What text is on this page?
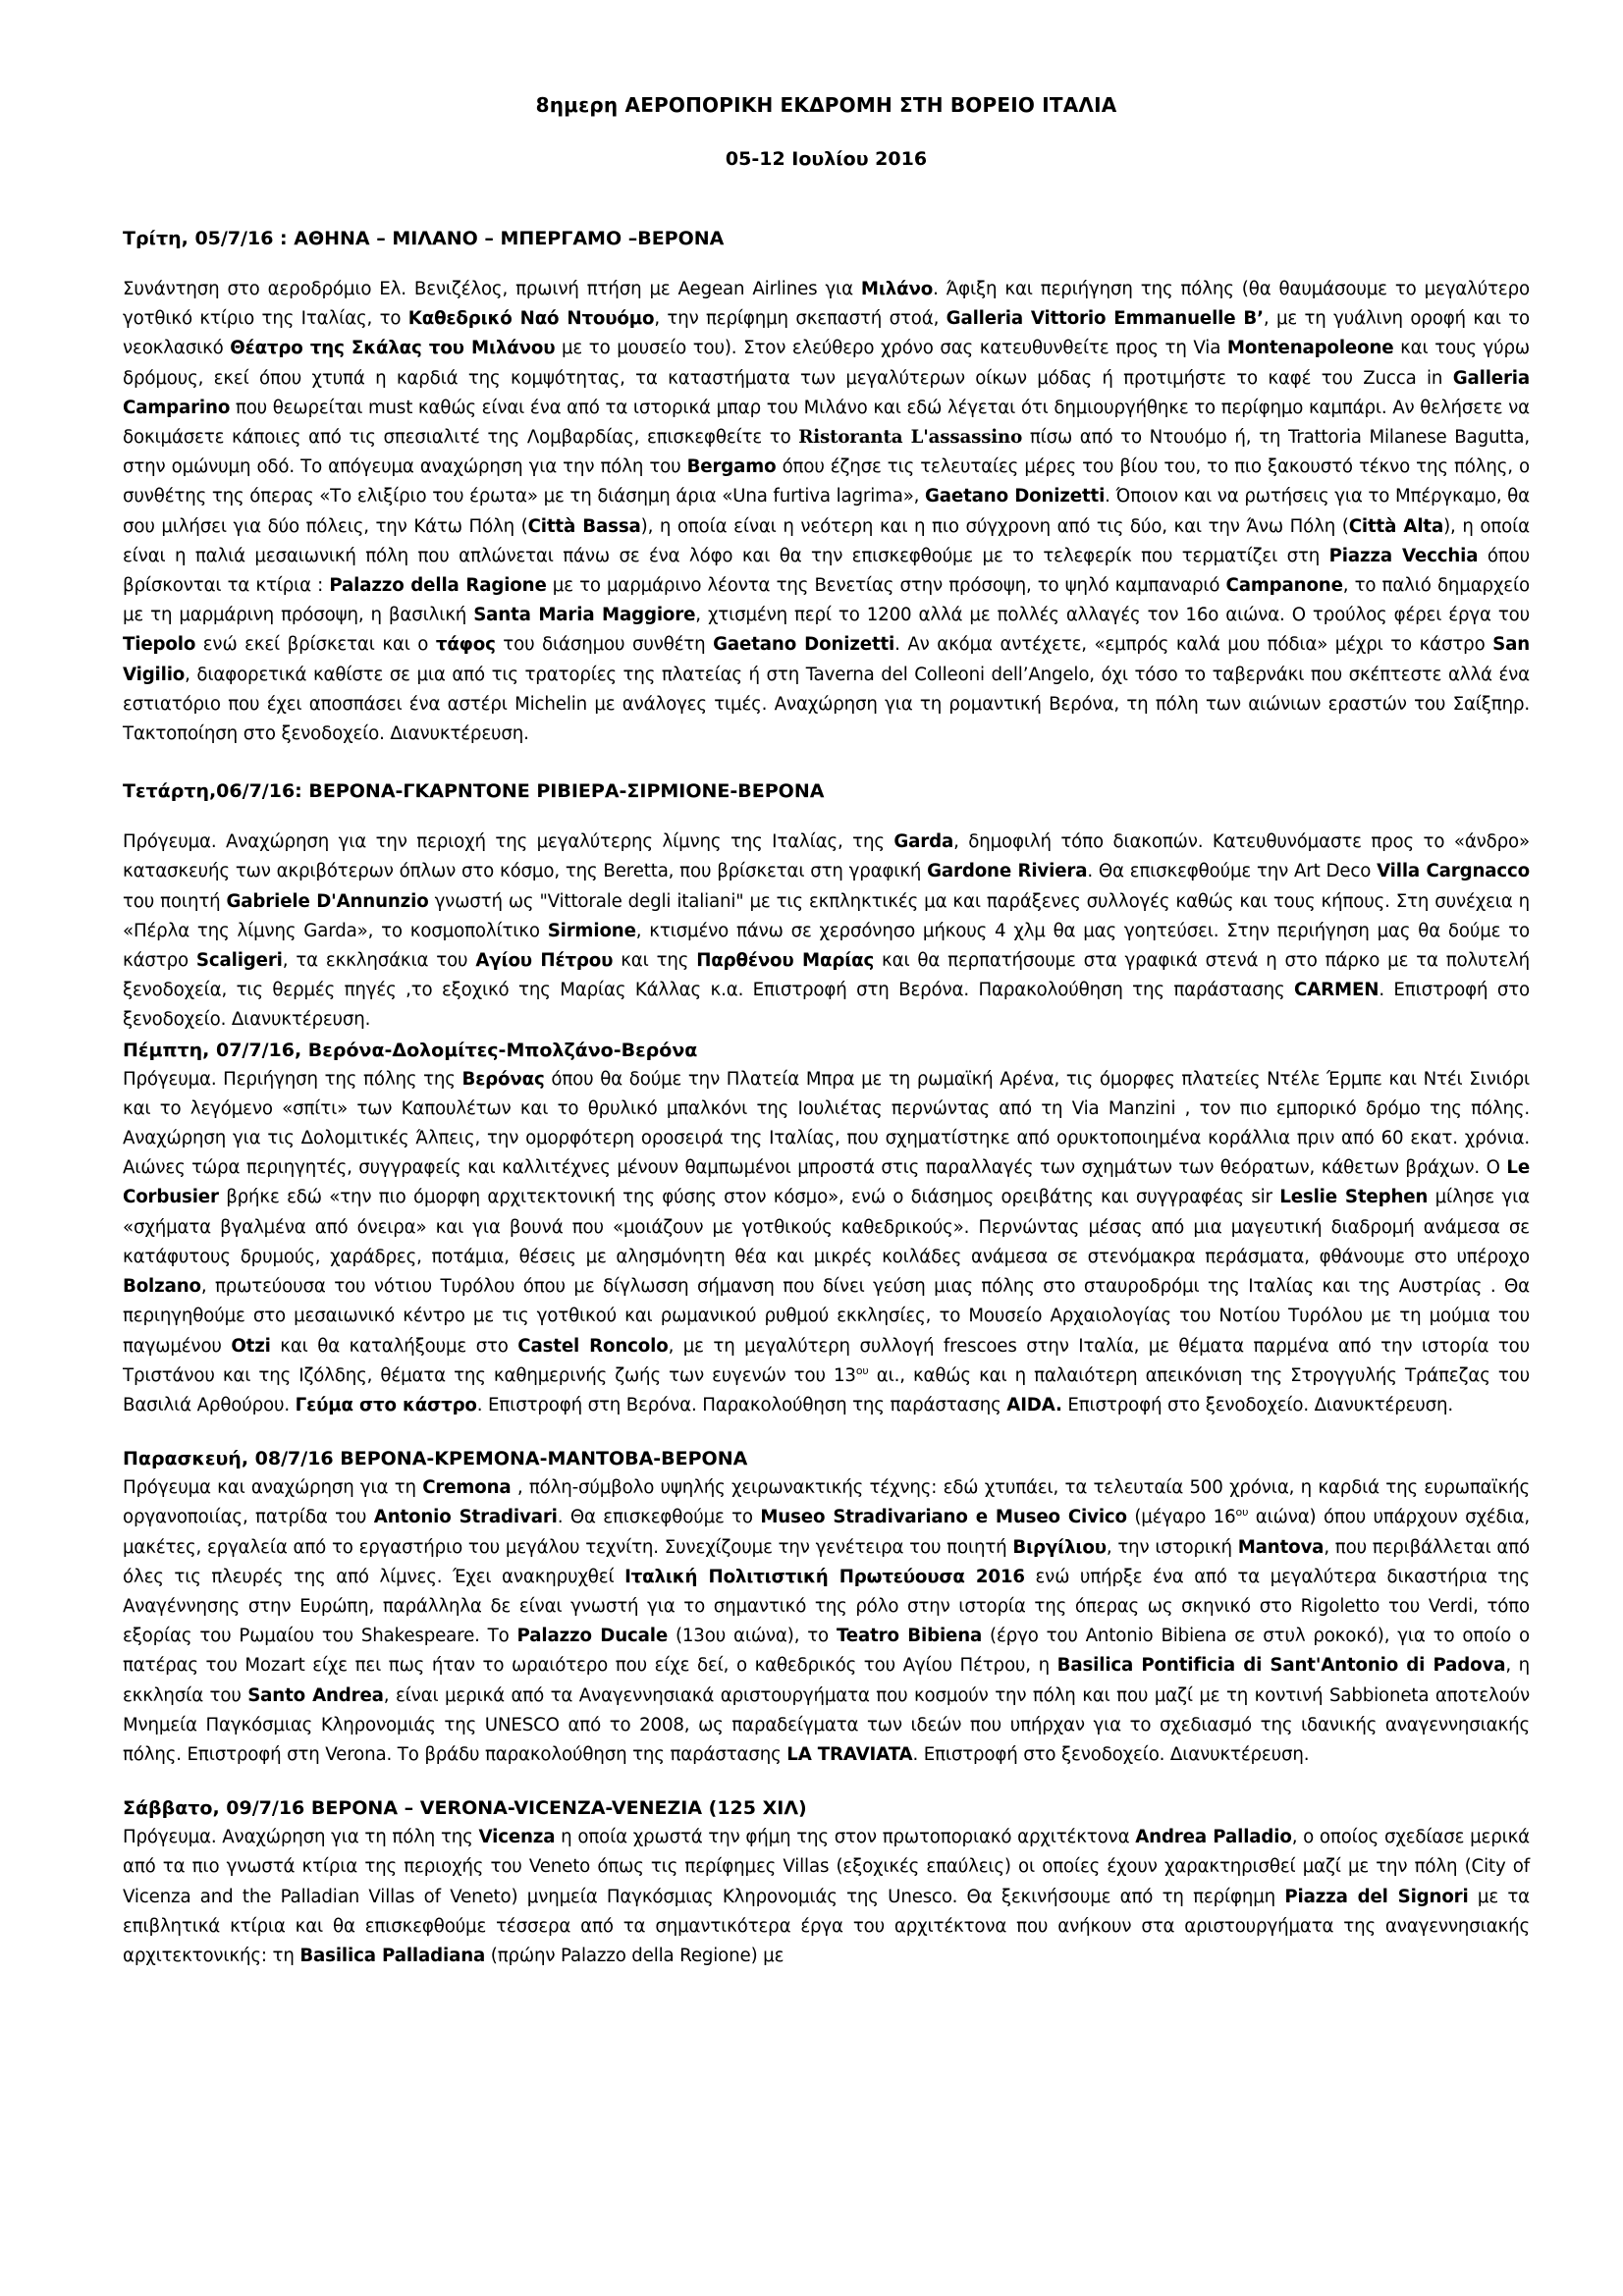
8ημερη ΑΕΡΟΠΟΡΙΚΗ ΕΚΔΡΟΜΗ ΣΤΗ ΒΟΡΕΙΟ ΙΤΑΛΙΑ
05-12 Ιουλίου 2016
Τρίτη, 05/7/16 : ΑΘΗΝΑ – ΜΙΛΑΝΟ – ΜΠΕΡΓΑΜΟ –ΒΕΡΟΝΑ

Συνάντηση στο αεροδρόμιο Ελ. Βενιζέλος, πρωινή πτήση με Aegean Airlines για Μιλάνο. Άφιξη και περιήγηση της πόλης (θα θαυμάσουμε το μεγαλύτερο γοτθικό κτίριο της Ιταλίας, το Καθεδρικό Ναό Ντουόμο, την περίφημη σκεπαστή στοά, Galleria Vittorio Emmanuelle B’, με τη γυάλινη οροφή και το νεοκλασικό Θέατρο της Σκάλας του Μιλάνου με το μουσείο του). Στον ελεύθερο χρόνο σας κατευθυνθείτε προς τη Via Montenapoleone και τους γύρω δρόμους, εκεί όπου χτυπά η καρδιά της κομψότητας, τα καταστήματα των μεγαλύτερων οίκων μόδας ή προτιμήστε το καφέ του Zucca in Galleria Camparino που θεωρείται must καθώς είναι ένα από τα ιστορικά μπαρ του Μιλάνο και εδώ λέγεται ότι δημιουργήθηκε το περίφημο καμπάρι. Αν θελήσετε να δοκιμάσετε κάποιες από τις σπεσιαλιτέ της Λομβαρδίας, επισκεφθείτε το Ristoranta L'assassino πίσω από το Ντουόμο ή, τη Trattoria Milanese Bagutta, στην ομώνυμη οδό. Το απόγευμα αναχώρηση για την πόλη του Bergamo όπου έζησε τις τελευταίες μέρες του βίου του, το πιο ξακουστό τέκνο της πόλης, ο συνθέτης της όπερας «Το ελιξίριο του έρωτα» με τη διάσημη άρια «Una furtiva lagrima», Gaetano Donizetti. Όποιον και να ρωτήσεις για το Μπέργκαμο, θα σου μιλήσει για δύο πόλεις, την Κάτω Πόλη (Città Bassa), η οποία είναι η νεότερη και η πιο σύγχρονη από τις δύο, και την Άνω Πόλη (Città Alta), η οποία είναι η παλιά μεσαιωνική πόλη που απλώνεται πάνω σε ένα λόφο και θα την επισκεφθούμε με το τελεφερίκ που τερματίζει στη Piazza Vecchia όπου βρίσκονται τα κτίρια : Palazzo della Ragione με το μαρμάρινο λέοντα της Βενετίας στην πρόσοψη, το ψηλό καμπαναριό Campanone, το παλιό δημαρχείο με τη μαρμάρινη πρόσοψη, η βασιλική Santa Maria Maggiore, χτισμένη περί το 1200 αλλά με πολλές αλλαγές τον 16ο αιώνα. Ο τρούλος φέρει έργα του Tiepolo ενώ εκεί βρίσκεται και ο τάφος του διάσημου συνθέτη Gaetano Donizetti. Αν ακόμα αντέχετε, «εμπρός καλά μου πόδια» μέχρι το κάστρο San Vigilio, διαφορετικά καθίστε σε μια από τις τρατορίες της πλατείας ή στη Taverna del Colleoni dell’Angelo, όχι τόσο το ταβερνάκι που σκέπτεστε αλλά ένα εστιατόριο που έχει αποσπάσει ένα αστέρι Michelin με ανάλογες τιμές. Αναχώρηση για τη ρομαντική Βερόνα, τη πόλη των αιώνιων εραστών του Σαίξπηρ. Τακτοποίηση στο ξενοδοχείο. Διανυκτέρευση.

Τετάρτη,06/7/16: ΒΕΡΟΝΑ-ΓΚΑΡΝΤΟΝΕ ΡΙΒΙΕΡΑ-ΣΙΡΜΙΟΝΕ-ΒΕΡΟΝΑ

Πρόγευμα. Αναχώρηση για την περιοχή της μεγαλύτερης λίμνης της Ιταλίας, της Garda, δημοφιλή τόπο διακοπών. Κατευθυνόμαστε προς το «άνδρο» κατασκευής των ακριβότερων όπλων στο κόσμο, της Beretta, που βρίσκεται στη γραφική Gardone Riviera. Θα επισκεφθούμε την Art Deco Villa Cargnacco του ποιητή Gabriele D'Annunzio γνωστή ως "Vittorale degli italiani" με τις εκπληκτικές μα και παράξενες συλλογές καθώς και τους κήπους. Στη συνέχεια η «Πέρλα της λίμνης Garda», το κοσμοπολίτικο Sirmione, κτισμένο πάνω σε χερσόνησο μήκους 4 χλμ θα μας γοητεύσει. Στην περιήγηση μας θα δούμε το κάστρο Scaligeri, τα εκκλησάκια του Αγίου Πέτρου και της Παρθένου Μαρίας και θα περπατήσουμε στα γραφικά στενά η στο πάρκο με τα πολυτελή ξενοδοχεία, τις θερμές πηγές ,το εξοχικό της Μαρίας Κάλλας κ.α. Επιστροφή στη Βερόνα. Παρακολούθηση της παράστασης CARMEN. Επιστροφή στο ξενοδοχείο. Διανυκτέρευση.

Πέμπτη, 07/7/16, Βερόνα-Δολομίτες-Μπολζάνο-Βερόνα

Πρόγευμα. Περιήγηση της πόλης της Βερόνας όπου θα δούμε την Πλατεία Μπρα με τη ρωμαϊκή Αρένα, τις όμορφες πλατείες Ντέλε Έρμπε και Ντέι Σινιόρι και το λεγόμενο «σπίτι» των Καπουλέτων και το θρυλικό μπαλκόνι της Ιουλιέτας περνώντας από τη Via Manzini , τον πιο εμπορικό δρόμο της πόλης. Αναχώρηση για τις Δολομιτικές Άλπεις, την ομορφότερη οροσειρά της Ιταλίας, που σχηματίστηκε από ορυκτοποιημένα κοράλλια πριν από 60 εκατ. χρόνια. Αιώνες τώρα περιηγητές, συγγραφείς και καλλιτέχνες μένουν θαμπωμένοι μπροστά στις παραλλαγές των σχημάτων των θεόρατων, κάθετων βράχων. Ο Le Corbusier βρήκε εδώ «την πιο όμορφη αρχιτεκτονική της φύσης στον κόσμο», ενώ ο διάσημος ορειβάτης και συγγραφέας sir Leslie Stephen μίλησε για «σχήματα βγαλμένα από όνειρα» και για βουνά που «μοιάζουν με γοτθικούς καθεδρικούς». Περνώντας μέσας από μια μαγευτική διαδρομή ανάμεσα σε κατάφυτους δρυμούς, χαράδρες, ποτάμια, θέσεις με αλησμόνητη θέα και μικρές κοιλάδες ανάμεσα σε στενόμακρα περάσματα, φθάνουμε στο υπέροχο Bolzano, πρωτεύουσα του νότιου Τυρόλου όπου με δίγλωσση σήμανση που δίνει γεύση μιας πόλης στο σταυροδρόμι της Ιταλίας και της Αυστρίας . Θα περιηγηθούμε στο μεσαιωνικό κέντρο με τις γοτθικού και ρωμανικού ρυθμού εκκλησίες, το Μουσείο Αρχαιολογίας του Νοτίου Τυρόλου με τη μούμια του παγωμένου Otzi και θα καταλήξουμε στο Castel Roncolo, με τη μεγαλύτερη συλλογή frescoes στην Ιταλία, με θέματα παρμένα από την ιστορία του Τριστάνου και της Ιζόλδης, θέματα της καθημερινής ζωής των ευγενών του $13^{o\upsilon}$ αι., καθώς και η παλαιότερη απεικόνιση της Στρογγυλής Τράπεζας του Βασιλιά Αρθούρου. Γεύμα στο κάστρο. Επιστροφή στη Βερόνα. Παρακολούθηση της παράστασης AIDA. Επιστροφή στο ξενοδοχείο. Διανυκτέρευση.

Παρασκευή, 08/7/16 ΒΕΡΟΝΑ-ΚΡΕΜΟΝΑ-ΜΑΝΤΟΒΑ-ΒΕΡΟΝΑ

Πρόγευμα και αναχώρηση για τη Cremona , πόλη-σύμβολο υψηλής χειρωνακτικής τέχνης: εδώ χτυπάει, τα τελευταία 500 χρόνια, η καρδιά της ευρωπαϊκής οργανοποιίας, πατρίδα του Antonio Stradivari. Θα επισκεφθούμε το Museo Stradivariano e Museo Civico (μέγαρο $16^{o\upsilon}$ αιώνα) όπου υπάρχουν σχέδια, μακέτες, εργαλεία από το εργαστήριο του μεγάλου τεχνίτη. Συνεχίζουμε την γενέτειρα του ποιητή Βιργίλιου, την ιστορική Mantova, που περιβάλλεται από όλες τις πλευρές της από λίμνες. Έχει ανακηρυχθεί Ιταλική Πολιτιστική Πρωτεύουσα 2016 ενώ υπήρξε ένα από τα μεγαλύτερα δικαστήρια της Αναγέννησης στην Ευρώπη, παράλληλα δε είναι γνωστή για το σημαντικό της ρόλο στην ιστορία της όπερας ως σκηνικό στο Rigoletto του Verdi, τόπο εξορίας του Ρωμαίου του Shakespeare. Το Palazzo Ducale (13ου αιώνα), το Teatro Bibiena (έργο του Antonio Bibiena σε στυλ ροκοκό), για το οποίο ο πατέρας του Mozart είχε πει πως ήταν το ωραιότερο που είχε δεί, ο καθεδρικός του Αγίου Πέτρου, η Basilica Pontificia di Sant'Antonio di Padova, η εκκλησία του Santo Andrea, είναι μερικά από τα Αναγεννησιακά αριστουργήματα που κοσμούν την πόλη και που μαζί με τη κοντινή Sabbioneta αποτελούν Μνημεία Παγκόσμιας Κληρονομιάς της UNESCO από το 2008, ως παραδείγματα των ιδεών που υπήρχαν για το σχεδιασμό της ιδανικής αναγεννησιακής πόλης. Επιστροφή στη Verona. Το βράδυ παρακολούθηση της παράστασης LA TRAVIATA. Επιστροφή στο ξενοδοχείο. Διανυκτέρευση.

Σάββατο, 09/7/16 ΒΕΡΟΝΑ – VERONA-VICENZA-VENEZIA (125 ΧΙΛ)

Πρόγευμα. Αναχώρηση για τη πόλη της Vicenza η οποία χρωστά την φήμη της στον πρωτοποριακό αρχιτέκτονα Andrea Palladio, ο οποίος σχεδίασε μερικά από τα πιο γνωστά κτίρια της περιοχής του Veneto όπως τις περίφημες Villas (εξοχικές επαύλεις) οι οποίες έχουν χαρακτηρισθεί μαζί με την πόλη (City of Vicenza and the Palladian Villas of Veneto) μνημεία Παγκόσμιας Κληρονομιάς της Unesco. Θα ξεκινήσουμε από τη περίφημη Piazza del Signori με τα επιβλητικά κτίρια και θα επισκεφθούμε τέσσερα από τα σημαντικότερα έργα του αρχιτέκτονα που ανήκουν στα αριστουργήματα της αναγεννησιακής αρχιτεκτονικής: τη Basilica Palladiana (πρώην Palazzo della Regione) με
